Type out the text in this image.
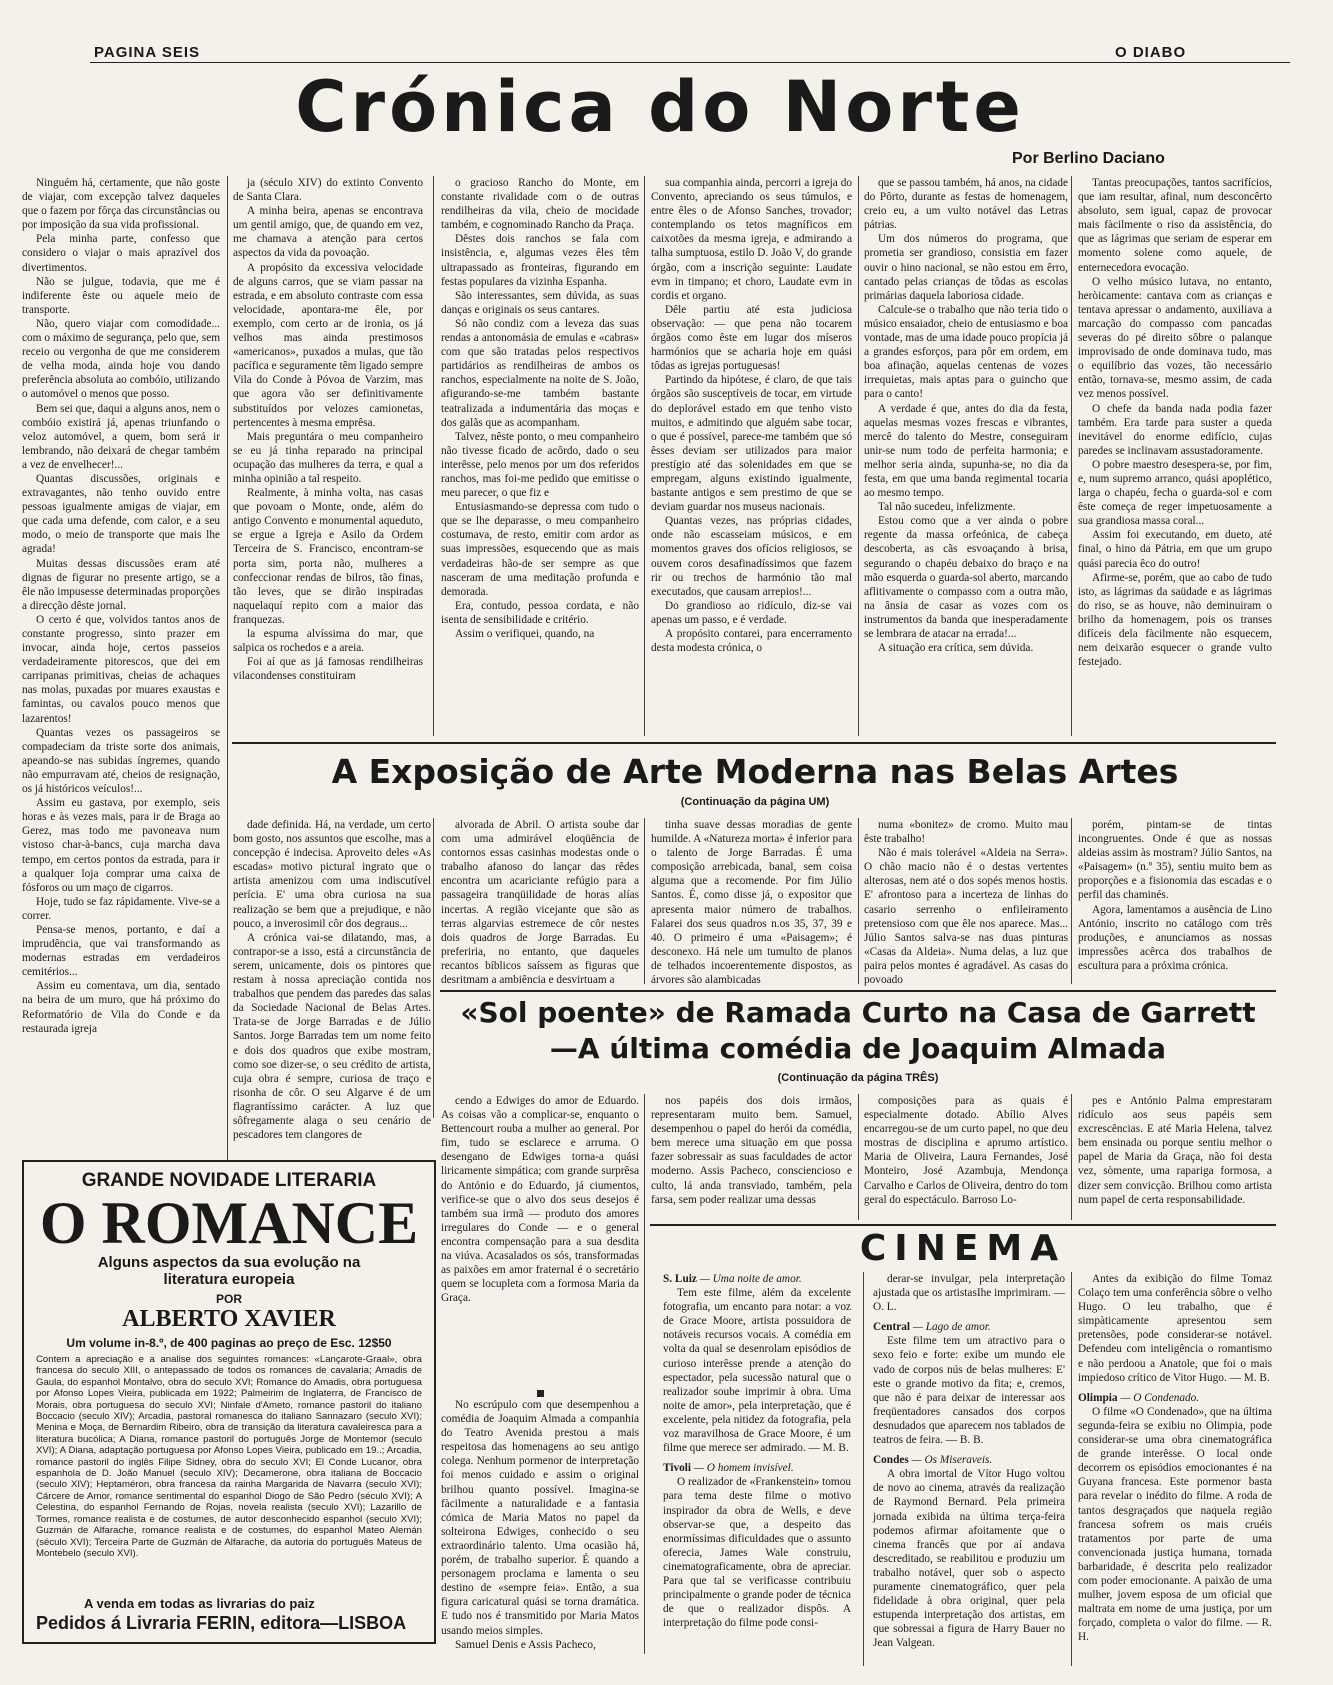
PAGINA SEIS	O DIABO
Crónica do Norte
Por Berlino Daciano

Ninguém há, certamente, que não goste de viajar, com excepção talvez daqueles que o fazem por fôrça das circunstâncias ou por imposição da sua vida profissional.

Pela minha parte, confesso que considero o viajar o mais aprazível dos divertimentos.

Não se julgue, todavia, que me é indiferente êste ou aquele meio de transporte.

Não, quero viajar com comodidade... com o máximo de segurança, pelo que, sem receio ou vergonha de que me considerem de velha moda, ainda hoje vou dando preferência absoluta ao combóio, utilizando o automóvel o menos que posso.

Bem sei que, daqui a alguns anos, nem o combóio existirá já, apenas triunfando o veloz automóvel, a quem, bom será ir lembrando, não deixará de chegar também a vez de envelhecer!...

Quantas discussões, originais e extravagantes, não tenho ouvido entre pessoas igualmente amigas de viajar, em que cada uma defende, com calor, e a seu modo, o meio de transporte que mais lhe agrada!

Muitas dessas discussões eram até dignas de figurar no presente artigo, se a êle não impusesse determinadas proporções a direcção dêste jornal.

O certo é que, volvidos tantos anos de constante progresso, sinto prazer em invocar, ainda hoje, certos passeios verdadeiramente pitorescos, que dei em carripanas primitivas, cheias de achaques nas molas, puxadas por muares exaustas e famintas, ou cavalos pouco menos que lazarentos!

Quantas vezes os passageiros se compadeciam da triste sorte dos animais, apeando-se nas subidas íngremes, quando não empurravam até, cheios de resignação, os já históricos veículos!...

Assim eu gastava, por exemplo, seis horas e às vezes mais, para ir de Braga ao Gerez, mas todo me pavoneava num vistoso char-à-bancs, cuja marcha dava tempo, em certos pontos da estrada, para ir a qualquer loja comprar uma caixa de fósforos ou um maço de cigarros.

Hoje, tudo se faz rápidamente. Vive-se a correr.

Pensa-se menos, portanto, e daí a imprudência, que vai transformando as modernas estradas em verdadeiros cemitérios...

Assim eu comentava, um dia, sentado na beira de um muro, que há próximo do Reformatório de Vila do Conde e da restaurada igreja

ja (século XIV) do extinto Convento de Santa Clara.

A minha beira, apenas se encontrava um gentil amigo, que, de quando em vez, me chamava a atenção para certos aspectos da vida da povoação.

A propósito da excessiva velocidade de alguns carros, que se viam passar na estrada, e em absoluto contraste com essa velocidade, apontara-me êle, por exemplo, com certo ar de ironia, os já velhos mas ainda prestimosos «americanos», puxados a mulas, que tão pacífica e seguramente têm ligado sempre Vila do Conde à Póvoa de Varzim, mas que agora vão ser definitivamente substituídos por velozes camionetas, pertencentes à mesma emprêsa.

Mais preguntára o meu companheiro se eu já tinha reparado na principal ocupação das mulheres da terra, e qual a minha opinião a tal respeito.

Realmente, à minha volta, nas casas que povoam o Monte, onde, além do antigo Convento e monumental aqueduto, se ergue a Igreja e Asilo da Ordem Terceira de S. Francisco, encontram-se porta sim, porta não, mulheres a confeccionar rendas de bilros, tão finas, tão leves, que se dirão inspiradas naquelaquí repito com a maior das franquezas.

la espuma alvíssima do mar, que salpica os rochedos e a areia.

Foi aí que as já famosas rendilheiras vilacondenses constituiram

o gracioso Rancho do Monte, em constante rivalidade com o de outras rendilheiras da vila, cheio de mocidade também, e cognominado Rancho da Praça.

Dêstes dois ranchos se fala com insistência, e, algumas vezes êles têm ultrapassado as fronteiras, figurando em festas populares da vizinha Espanha.

São interessantes, sem dúvida, as suas danças e originais os seus cantares.

Só não condiz com a leveza das suas rendas a antonomásia de emulas e «cabras» com que são tratadas pelos respectivos partidários as rendilheiras de ambos os ranchos, especialmente na noite de S. João, afigurando-se-me também bastante teatralizada a indumentária das moças e dos galãs que as acompanham.

Talvez, nêste ponto, o meu companheiro não tivesse ficado de acôrdo, dado o seu interêsse, pelo menos por um dos referidos ranchos, mas foi-me pedido que emitisse o meu parecer, o que fiz e

Entusiasmando-se depressa com tudo o que se lhe deparasse, o meu companheiro costumava, de resto, emitir com ardor as suas impressões, esquecendo que as mais verdadeiras hão-de ser sempre as que nasceram de uma meditação profunda e demorada.

Era, contudo, pessoa cordata, e não isenta de sensibilidade e critério.

Assim o verifiquei, quando, na

sua companhia ainda, percorri a igreja do Convento, apreciando os seus túmulos, e entre êles o de Afonso Sanches, trovador; contemplando os tetos magníficos em caixotões da mesma igreja, e admirando a talha sumptuosa, estilo D. João V, do grande órgão, com a inscrição seguinte: Laudate evm in timpano; et choro, Laudate evm in cordis et organo.

Dêle partiu até esta judiciosa observação: — que pena não tocarem órgãos como êste em lugar dos míseros harmónios que se acharia hoje em quási tôdas as igrejas portuguesas!

Partindo da hipótese, é claro, de que tais órgãos são susceptíveis de tocar, em virtude do deplorável estado em que tenho visto muitos, e admitindo que alguém sabe tocar, o que é possível, parece-me também que só êsses deviam ser utilizados para maior prestígio até das solenidades em que se empregam, alguns existindo igualmente, bastante antigos e sem prestimo de que se deviam guardar nos museus nacionais.

Quantas vezes, nas próprias cidades, onde não escasseiam músicos, e em momentos graves dos ofícios religiosos, se ouvem coros desafinadíssimos que fazem rir ou trechos de harmónio tão mal executados, que causam arrepios!...

Do grandioso ao ridículo, diz-se vai apenas um passo, e é verdade.

A propósito contarei, para encerramento desta modesta crónica, o

que se passou também, há anos, na cidade do Pôrto, durante as festas de homenagem, creio eu, a um vulto notável das Letras pátrias.

Um dos números do programa, que prometia ser grandioso, consistia em fazer ouvir o hino nacional, se não estou em êrro, cantado pelas crianças de tôdas as escolas primárias daquela laboriosa cidade.

Calcule-se o trabalho que não teria tido o músico ensaiador, cheio de entusiasmo e boa vontade, mas de uma idade pouco propícia já a grandes esforços, para pôr em ordem, em boa afinação, aquelas centenas de vozes irrequietas, mais aptas para o guincho que para o canto!

A verdade é que, antes do dia da festa, aquelas mesmas vozes frescas e vibrantes, mercê do talento do Mestre, conseguiram unir-se num todo de perfeita harmonia; e melhor seria ainda, supunha-se, no dia da festa, em que uma banda regimental tocaria ao mesmo tempo.

Tal não sucedeu, infelizmente.

Estou como que a ver ainda o pobre regente da massa orfeónica, de cabeça descoberta, as cãs esvoaçando à brisa, segurando o chapéu debaixo do braço e na mão esquerda o guarda-sol aberto, marcando aflitivamente o compasso com a outra mão, na ânsia de casar as vozes com os instrumentos da banda que inesperadamente se lembrara de atacar na errada!...

A situação era crítica, sem dúvida.

Tantas preocupações, tantos sacrifícios, que iam resultar, afinal, num desconcêrto absoluto, sem igual, capaz de provocar mais fàcilmente o riso da assistência, do que as lágrimas que seriam de esperar em momento solene como aquele, de enternecedora evocação.

O velho músico lutava, no entanto, heròicamente: cantava com as crianças e tentava apressar o andamento, auxiliava a marcação do compasso com pancadas severas do pé direito sôbre o palanque improvisado de onde dominava tudo, mas o equilíbrio das vozes, tão necessário então, tornava-se, mesmo assim, de cada vez menos possível.

O chefe da banda nada podia fazer também. Era tarde para suster a queda inevitável do enorme edifício, cujas paredes se inclinavam assustadoramente.

O pobre maestro desespera-se, por fim, e, num supremo arranco, quási apoplético, larga o chapéu, fecha o guarda-sol e com êste começa de reger impetuosamente a sua grandiosa massa coral...

Assim foi executando, em dueto, até final, o hino da Pátria, em que um grupo quási parecia êco do outro!

Afirme-se, porém, que ao cabo de tudo isto, as lágrimas da saüdade e as lágrimas do riso, se as houve, não deminuiram o brilho da homenagem, pois os transes difíceis dela fàcilmente não esquecem, nem deixarão esquecer o grande vulto festejado.

A Exposição de Arte Moderna nas Belas Artes
(Continuação da página UM)

dade definida. Há, na verdade, um certo bom gosto, nos assuntos que escolhe, mas a concepção é indecisa. Aproveito deles «As escadas» motivo pictural ingrato que o artista amenizou com uma indiscutível perícia. E' uma obra curiosa na sua realização se bem que a prejudique, e não pouco, a inverosimil côr dos degraus...

A crónica vai-se dilatando, mas, a contrapor-se a isso, está a circunstância de serem, unicamente, dois os pintores que restam à nossa apreciação contida nos trabalhos que pendem das paredes das salas da Sociedade Nacional de Belas Artes. Trata-se de Jorge Barradas e de Júlio Santos. Jorge Barradas tem um nome feito e dois dos quadros que exibe mostram, como soe dizer-se, o seu crédito de artista, cuja obra é sempre, curiosa de traço e risonha de côr. O seu Algarve é de um flagrantíssimo carácter. A luz que sôfregamente alaga o seu cenário de pescadores tem clangores de

alvorada de Abril. O artista soube dar com uma admirável eloqüência de contornos essas casinhas modestas onde o trabalho afanoso do lançar das rêdes encontra um acariciante refúgio para a passageira tranqüilidade de horas alías incertas. A região vicejante que são as terras algarvias estremece de côr nestes dois quadros de Jorge Barradas. Eu preferiria, no entanto, que daqueles recantos bíblicos saíssem as figuras que desritmam a ambiência e desvirtuam a

tinha suave dessas moradias de gente humilde. A «Natureza morta» é inferior para o talento de Jorge Barradas. É uma composição arrebicada, banal, sem coisa alguma que a recomende. Por fim Júlio Santos. É, como disse já, o expositor que apresenta maior número de trabalhos. Falarei dos seus quadros n.os 35, 37, 39 e 40. O primeiro é uma «Paisagem»; é desconexo. Há nele um tumulto de planos de telhados incoerentemente dispostos, as árvores são alambicadas

numa «bonitez» de cromo. Muito mau êste trabalho!

Não é mais tolerável «Aldeia na Serra». O chão macio não é o destas vertentes alterosas, nem até o dos sopés menos hostis. E' afrontoso para a incerteza de linhas do casario serrenho o enfileiramento pretensioso com que êle nos aparece. Mas... Júlio Santos salva-se nas duas pinturas «Casas da Aldeia». Numa delas, a luz que paira pelos montes é agradável. As casas do povoado

porém, pintam-se de tintas incongruentes. Onde é que as nossas aldeias assim às mostram? Júlio Santos, na «Paisagem» (n.º 35), sentiu muito bem as proporções e a fisionomia das escadas e o perfil das chaminés.

Agora, lamentamos a ausência de Lino António, inscrito no catálogo com três produções, e anunciamos as nossas impressões acêrca dos trabalhos de escultura para a próxima crónica.

«Sol poente» de Ramada Curto na Casa de Garrett
—A última comédia de Joaquim Almada
(Continuação da página TRÊS)

cendo a Edwiges do amor de Eduardo. As coisas vão a complicar-se, enquanto o Bettencourt rouba a mulher ao general. Por fim, tudo se esclarece e arruma. O desengano de Edwiges torna-a quási liricamente simpática; com grande surprêsa do António e do Eduardo, já ciumentos, verifice-se que o alvo dos seus desejos é também sua irmã — produto dos amores irregulares do Conde — e o general encontra compensação para a sua desdita na viúva. Acasalados os sós, transformadas as paixões em amor fraternal é o secretário quem se locupleta com a formosa Maria da Graça.

nos papéis dos dois irmãos, representaram muito bem. Samuel, desempenhou o papel do herói da comédia, bem merece uma situação em que possa fazer sobressair as suas faculdades de actor moderno. Assis Pacheco, consciencioso e culto, lá anda transviado, também, pela farsa, sem poder realizar uma dessas

composições para as quais é especialmente dotado. Abílio Alves encarregou-se de um curto papel, no que deu mostras de disciplina e aprumo artístico. Maria de Oliveira, Laura Fernandes, José Monteiro, José Azambuja, Mendonça Carvalho e Carlos de Oliveira, dentro do tom geral do espectáculo. Barroso Lo-

pes e António Palma emprestaram ridículo aos seus papéis sem excrescências. E até Maria Helena, talvez bem ensinada ou porque sentiu melhor o papel de Maria da Graça, não foi desta vez, sòmente, uma rapariga formosa, a dizer sem convicção. Brilhou como artista num papel de certa responsabilidade.

No escrúpulo com que desempenhou a comédia de Joaquim Almada a companhia do Teatro Avenida prestou a mais respeitosa das homenagens ao seu antigo colega. Nenhum pormenor de interpretação foi menos cuidado e assim o original brilhou quanto possível. Imagina-se fàcilmente a naturalidade e a fantasia cómica de Maria Matos no papel da solteirona Edwiges, conhecido o seu extraordinário talento. Uma ocasião há, porém, de trabalho superior. É quando a personagem proclama e lamenta o seu destino de «sempre feia». Então, a sua figura caricatural quási se torna dramática. E tudo nos é transmitido por Maria Matos usando meios simples.

Samuel Denis e Assis Pacheco,

CINEMA
S. Luiz — Uma noite de amor.

Tem este filme, além da excelente fotografia, um encanto para notar: a voz de Grace Moore, artista possuidora de notáveis recursos vocais. A comédia em volta da qual se desenrolam episódios de curioso interêsse prende a atenção do espectador, pela sucessão natural que o realizador soube imprimir à obra. Uma noite de amor», pela interpretação, que é excelente, pela nitidez da fotografia, pela voz maravilhosa de Grace Moore, é um filme que merece ser admirado. — M. B.

Tivoli — O homem invisível.

O realizador de «Frankenstein» tomou para tema deste filme o motivo inspirador da obra de Wells, e deve observar-se que, a despeito das enormíssimas dificuldades que o assunto oferecia, James Wale construiu, cinematograficamente, obra de apreciar. Para que tal se verificasse contribuiu principalmente o grande poder de técnica de que o realizador dispôs. A interpretação do filme pode consi-

derar-se invulgar, pela interpretação ajustada que os artistasIhe imprimiram. — O. L.

Central — Lago de amor.

Este filme tem um atractivo para o sexo feio e forte: exibe um mundo ele vado de corpos nús de belas mulheres: E' este o grande motivo da fita; e, cremos, que não é para deixar de interessar aos freqüentadores cansados dos corpos desnudados que aparecem nos tablados de teatros de feira. — B. B.

Condes — Os Miseraveis.

A obra imortal de Vítor Hugo voltou de novo ao cinema, através da realização de Raymond Bernard. Pela primeira jornada exibida na última terça-feira podemos afirmar afoitamente que o cinema francês que por aí andava descreditado, se reabilitou e produziu um trabalho notável, quer sob o aspecto puramente cinematográfico, quer pela fidelidade à obra original, quer pela estupenda interpretação dos artistas, em que sobressai a figura de Harry Bauer no Jean Valgean.

Antes da exibição do filme Tomaz Colaço tem uma conferência sôbre o velho Hugo. O leu trabalho, que é simpàticamente apresentou sem pretensões, pode considerar-se notável. Defendeu com inteligência o romantismo e não perdoou a Anatole, que foi o mais impiedoso crítico de Vitor Hugo. — M. B.

Olimpia — O Condenado.

O filme «O Condenado», que na última segunda-feira se exibiu no Olimpia, pode considerar-se uma obra cinematográfica de grande interêsse. O local onde decorrem os episódios emocionantes é na Guyana francesa. Este pormenor basta para revelar o inédito do filme. A roda de tantos desgraçados que naquela região francesa sofrem os mais cruéis tratamentos por parte de uma convencionada justiça humana, tornada barbaridade, é descrita pelo realizador com poder emocionante. A paixão de uma mulher, jovem esposa de um oficial que maltrata em nome de uma justiça, por um forçado, completa o valor do filme. — R. H.

GRANDE NOVIDADE LITERARIA
O ROMANCE
Alguns aspectos da sua evolução na literatura europeia
POR
ALBERTO XAVIER
Um volume in-8.º, de 400 paginas ao preço de Esc. 12$50
Contem a apreciação e a analise dos seguintes romances: «Lançarote-Graal», obra francesa do seculo XIII, o antepassado de todos os romances de cavalaria; Amadis de Gaula, do espanhol Montalvo, obra do seculo XVI; Romance do Amadis, obra portuguesa por Afonso Lopes Vieira, publicada em 1922; Palmeirim de Inglaterra, de Francisco de Morais, obra portuguesa do seculo XVI; Ninfale d'Ameto, romance pastoril do italiano Boccacio (seculo XIV); Arcadia, pastoral romanesca do italiano Sannazaro (seculo XVI); Menina e Moça, de Bernardim Ribeiro, obra de transição da literatura cavaleiresca para a literatura bucólica; A Diana, romance pastoril do português Jorge de Montemor (seculo XVI); A Diana, adaptação portuguesa por Afonso Lopes Vieira, publicado em 19..; Arcadia, romance pastoril do inglês Filipe Sidney, obra do seculo XVI; El Conde Lucanor, obra espanhola de D. João Manuel (seculo XIV); Decamerone, obra italiana de Boccacio (seculo XIV); Heptaméron, obra francesa da rainha Margarida de Navarra (seculo XVI); Cárcere de Amor, romance sentimental do espanhol Diogo de São Pedro (século XVI); A Celestina, do espanhol Fernando de Rojas, novela realista (seculo XVI); Lazarillo de Tormes, romance realista e de costumes, de autor desconhecido espanhol (seculo XVI); Guzmán de Alfarache, romance realista e de costumes, do espanhol Mateo Alemán (século XVI); Terceira Parte de Guzmán de Alfarache, da autoria do português Mateus de Montebelo (seculo XVI).
A venda em todas as livrarias do paiz
Pedidos á Livraria FERIN, editora—LISBOA
